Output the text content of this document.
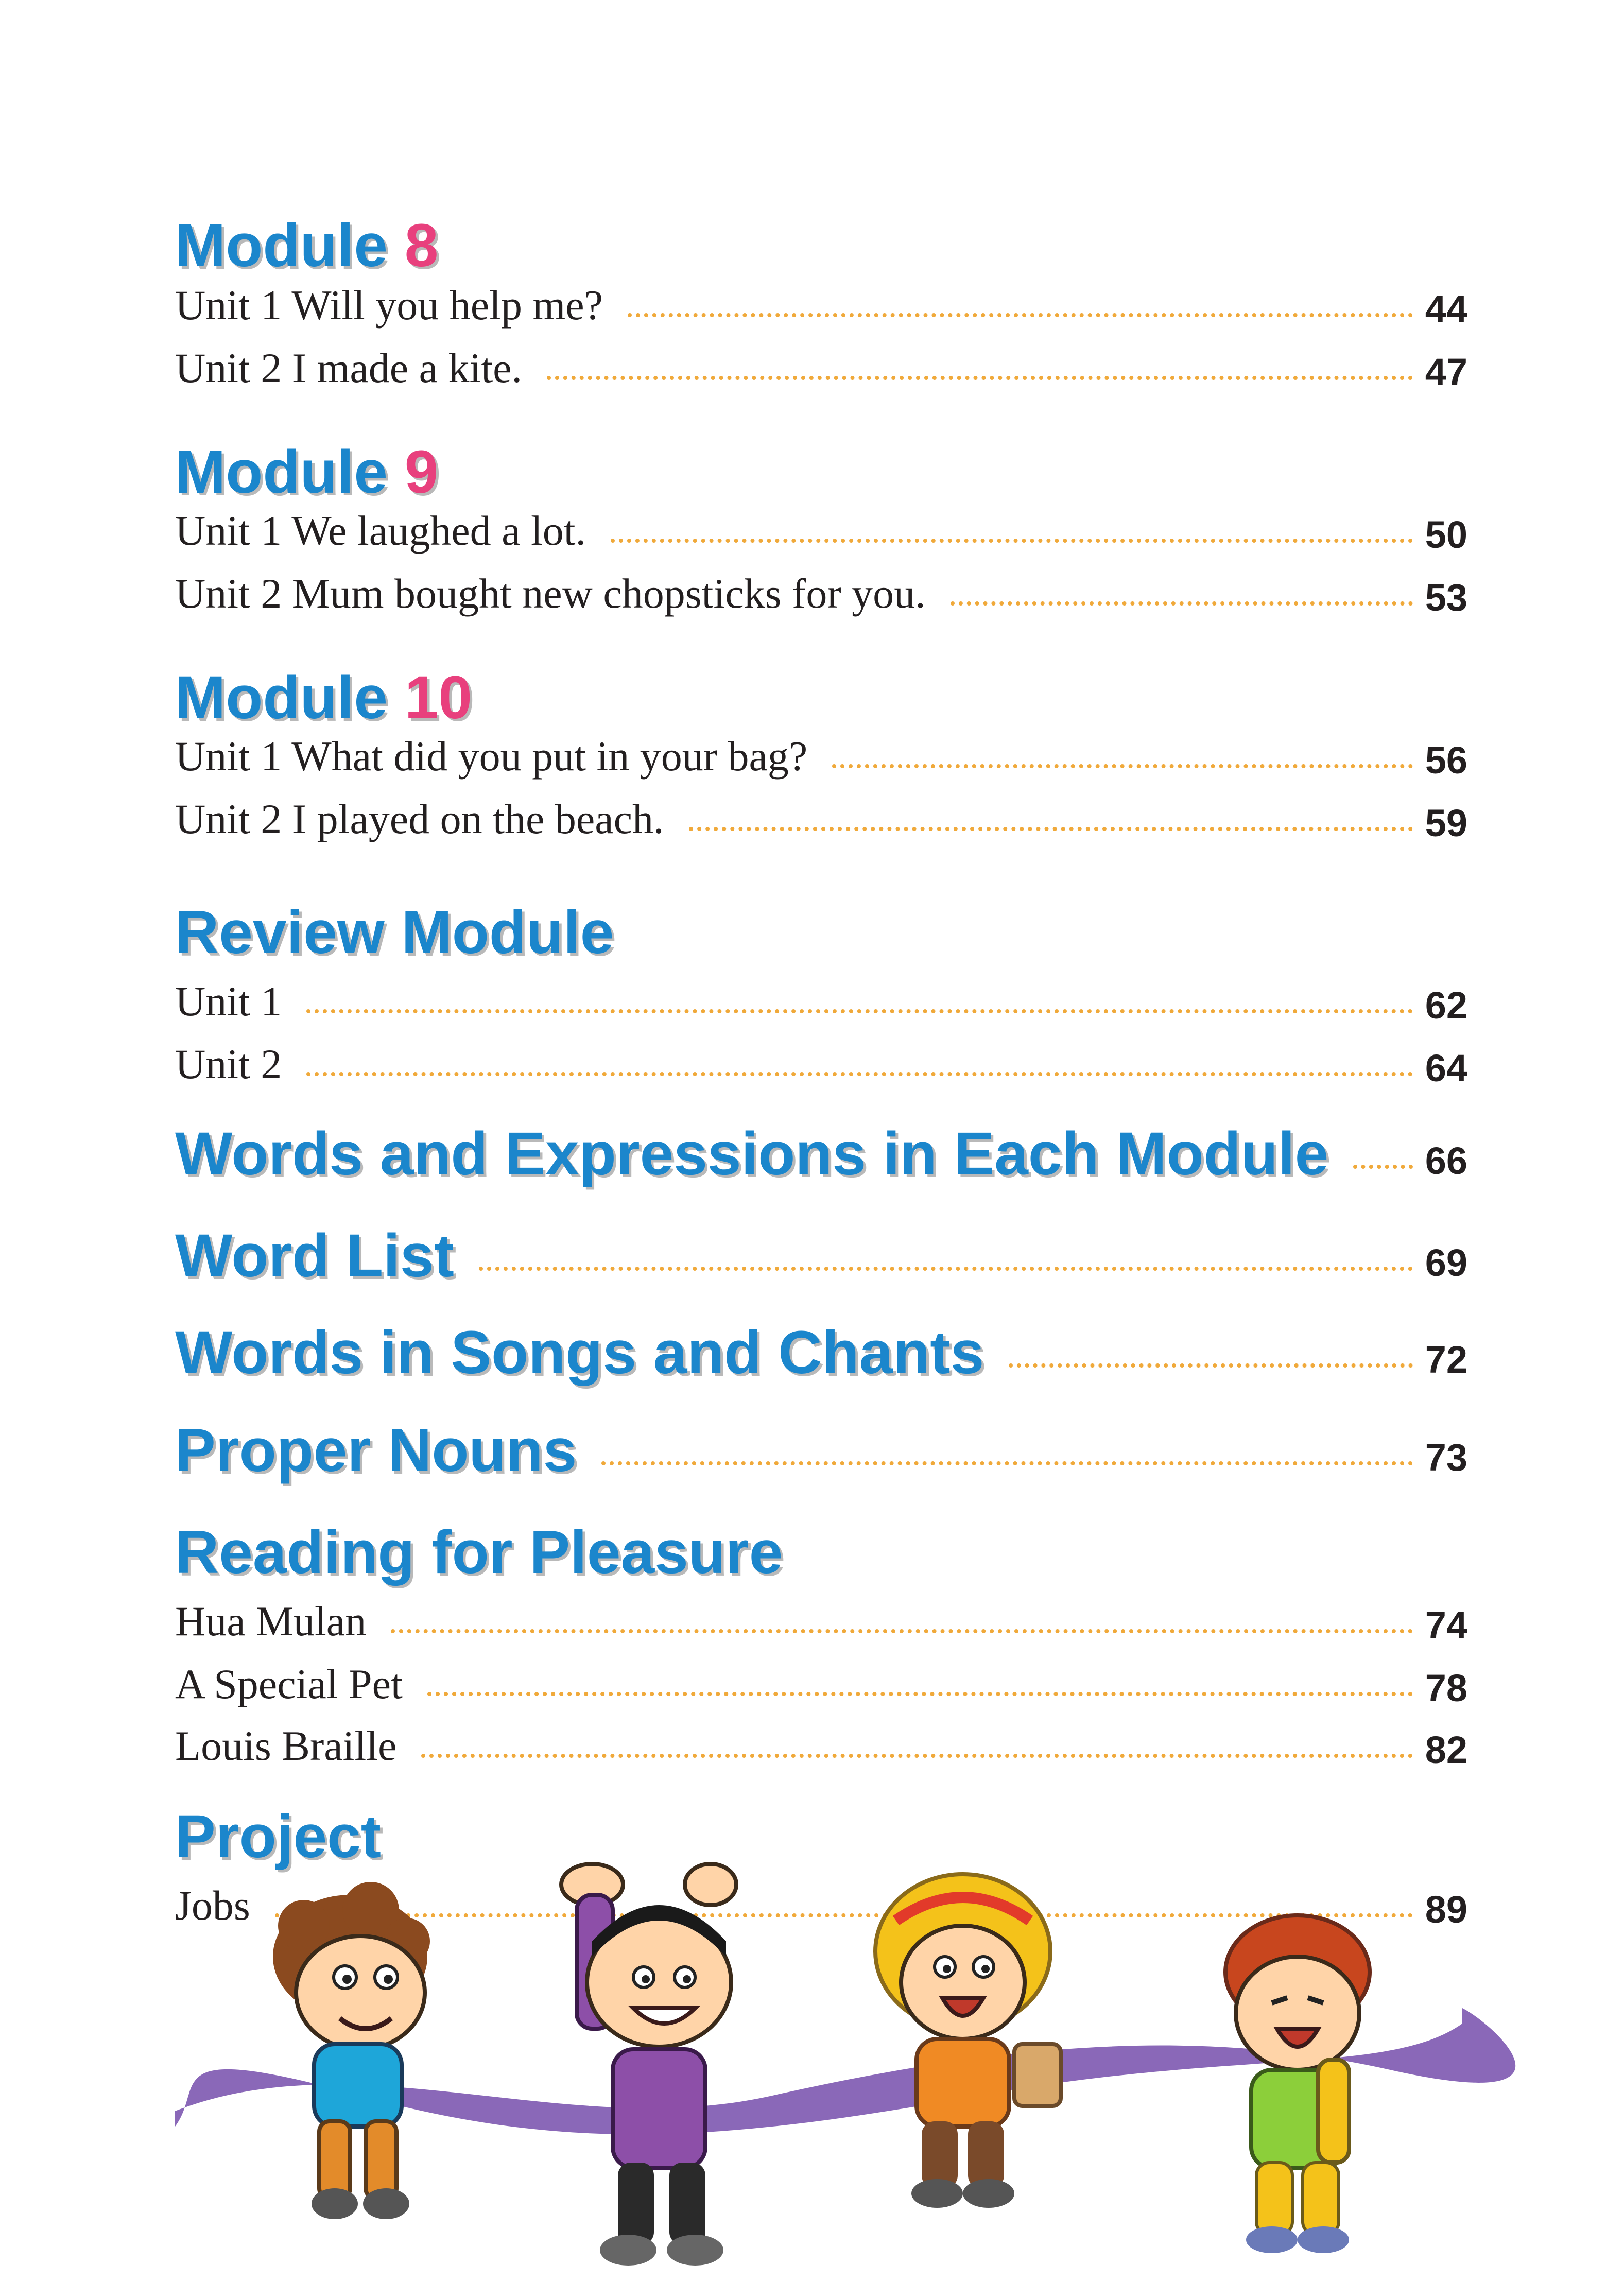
Module 8
Unit 1 Will you help me?	44
Unit 2 I made a kite.	47
Module 9
Unit 1 We laughed a lot.	50
Unit 2 Mum bought new chopsticks for you.	53
Module 10
Unit 1 What did you put in your bag?	56
Unit 2 I played on the beach.	59
Review Module
Unit 1	62
Unit 2	64
Words and Expressions in Each Module	66
Word List	69
Words in Songs and Chants	72
Proper Nouns	73
Reading for Pleasure
Hua Mulan	74
A Special Pet	78
Louis Braille	82
Project
Jobs	89
